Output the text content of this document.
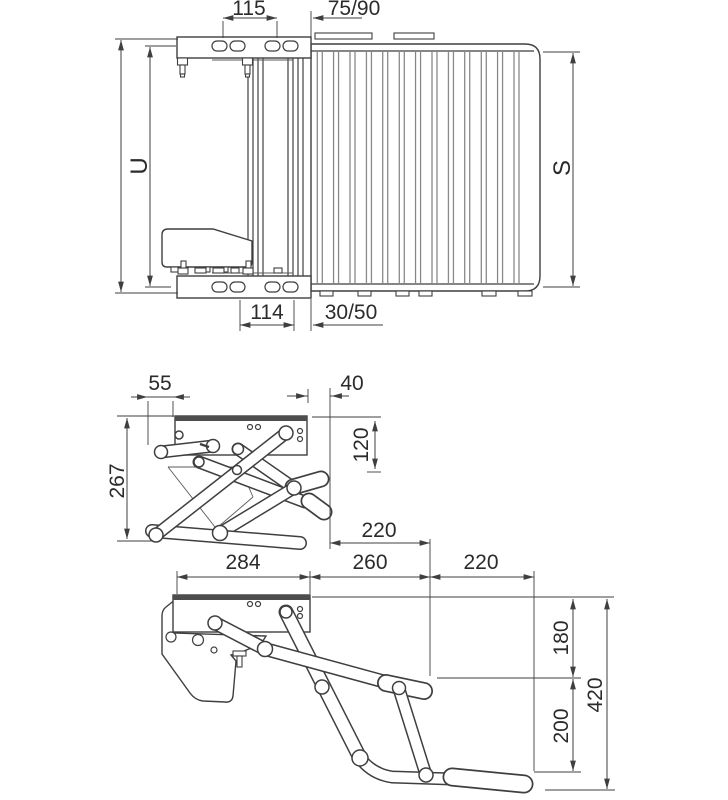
115	75/90
U	S
114 30/50
55	40
120
267
220
284	260	220
180
200
420
